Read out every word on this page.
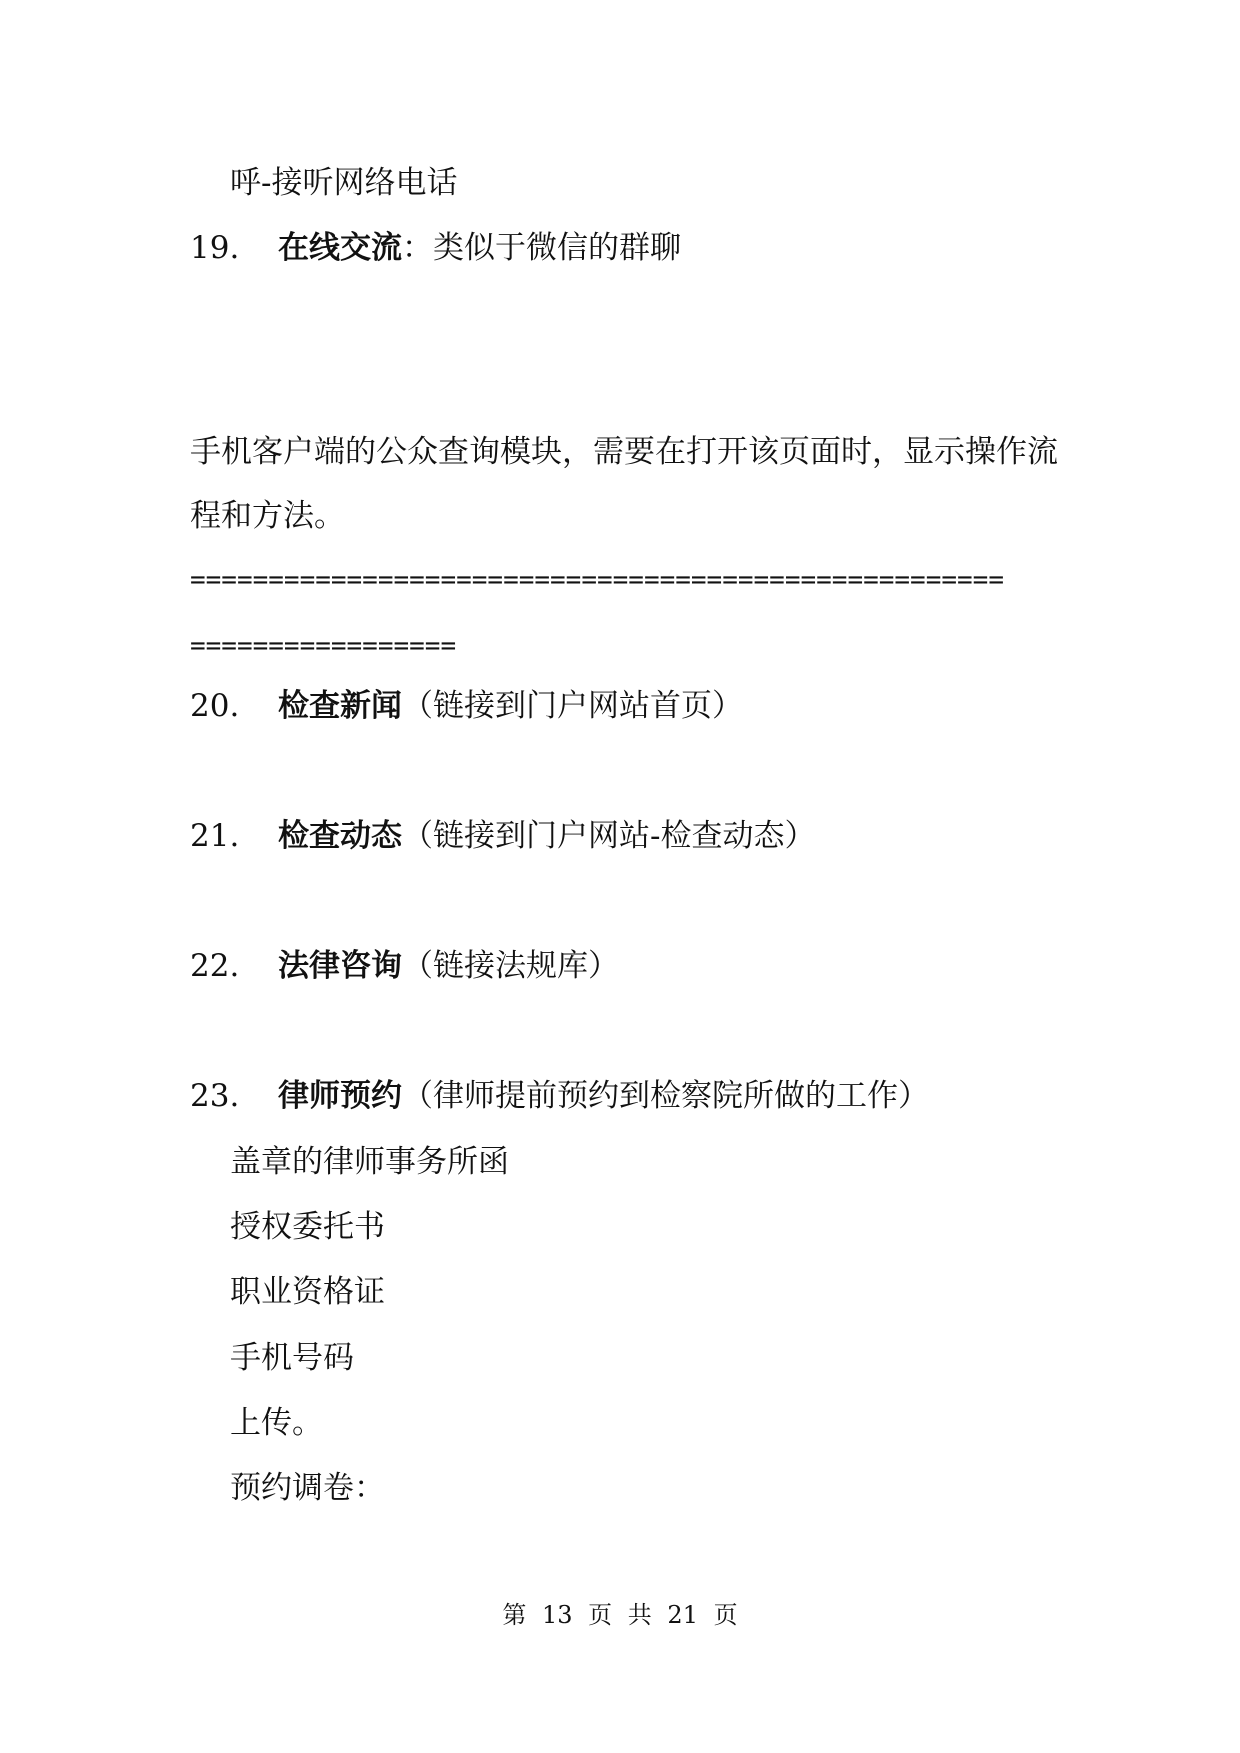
呼-接听网络电话
19. 在线交流：类似于微信的群聊
手机客户端的公众查询模块，需要在打开该页面时，显示操作流程和方法。
====================================================
=================
20. 检查新闻（链接到门户网站首页）
21. 检查动态（链接到门户网站-检查动态）
22. 法律咨询（链接法规库）
23. 律师预约（律师提前预约到检察院所做的工作）
盖章的律师事务所函
授权委托书
职业资格证
手机号码
上传。
预约调卷：
第 13 页 共 21 页
